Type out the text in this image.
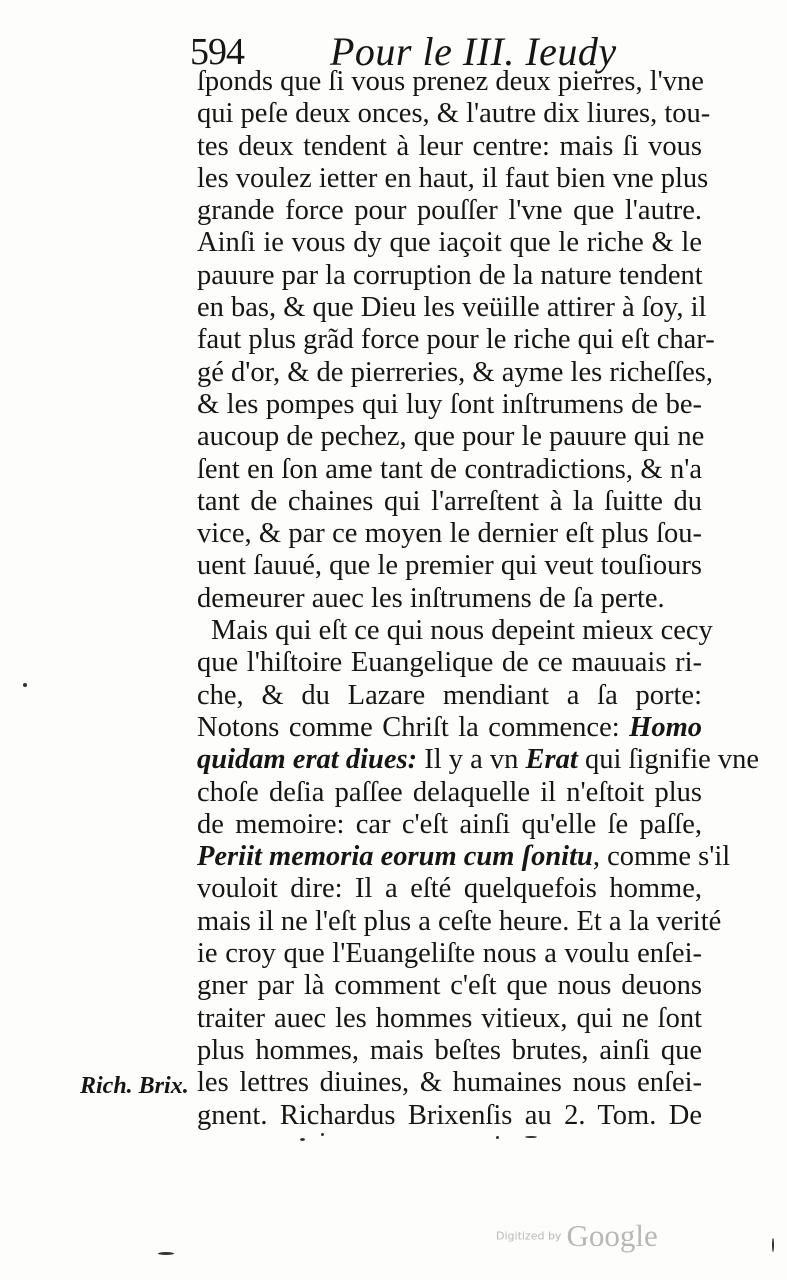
594 Pour le III. Ieudy
ſponds que ſi vous prenez deux pierres, l'vne
qui peſe deux onces, & l'autre dix liures, tou-
tes deux tendent à leur centre: mais ſi vous
les voulez ietter en haut, il faut bien vne plus
grande force pour pouſſer l'vne que l'autre.
Ainſi ie vous dy que iaçoit que le riche & le
pauure par la corruption de la nature tendent
en bas, & que Dieu les veüille attirer à ſoy, il
faut plus grãd force pour le riche qui eſt char-
gé d'or, & de pierreries, & ayme les richeſſes,
& les pompes qui luy ſont inſtrumens de be-
aucoup de pechez, que pour le pauure qui ne
ſent en ſon ame tant de contradictions, & n'a
tant de chaines qui l'arreſtent à la ſuitte du
vice, & par ce moyen le dernier eſt plus ſou-
uent ſauué, que le premier qui veut touſiours
demeurer auec les inſtrumens de ſa perte.
Mais qui eſt ce qui nous depeint mieux cecy
que l'hiſtoire Euangelique de ce mauuais ri-
che, & du Lazare mendiant a ſa porte:
Notons comme Chriſt la commence: Homo
quidam erat diues: Il y a vn Erat qui ſignifie vne
choſe deſia paſſee delaquelle il n'eſtoit plus
de memoire: car c'eſt ainſi qu'elle ſe paſſe,
Periit memoria eorum cum ſonitu, comme s'il
vouloit dire: Il a eſté quelquefois homme,
mais il ne l'eſt plus a ceſte heure. Et a la verité
ie croy que l'Euangeliſte nous a voulu enſei-
gner par là comment c'eſt que nous deuons
traiter auec les hommes vitieux, qui ne ſont
plus hommes, mais beſtes brutes, ainſi que
les lettres diuines, & humaines nous enſei-
gnent. Richardus Brixenſis au 2. Tom. De
Rich. Brix.
Digitized by Google
